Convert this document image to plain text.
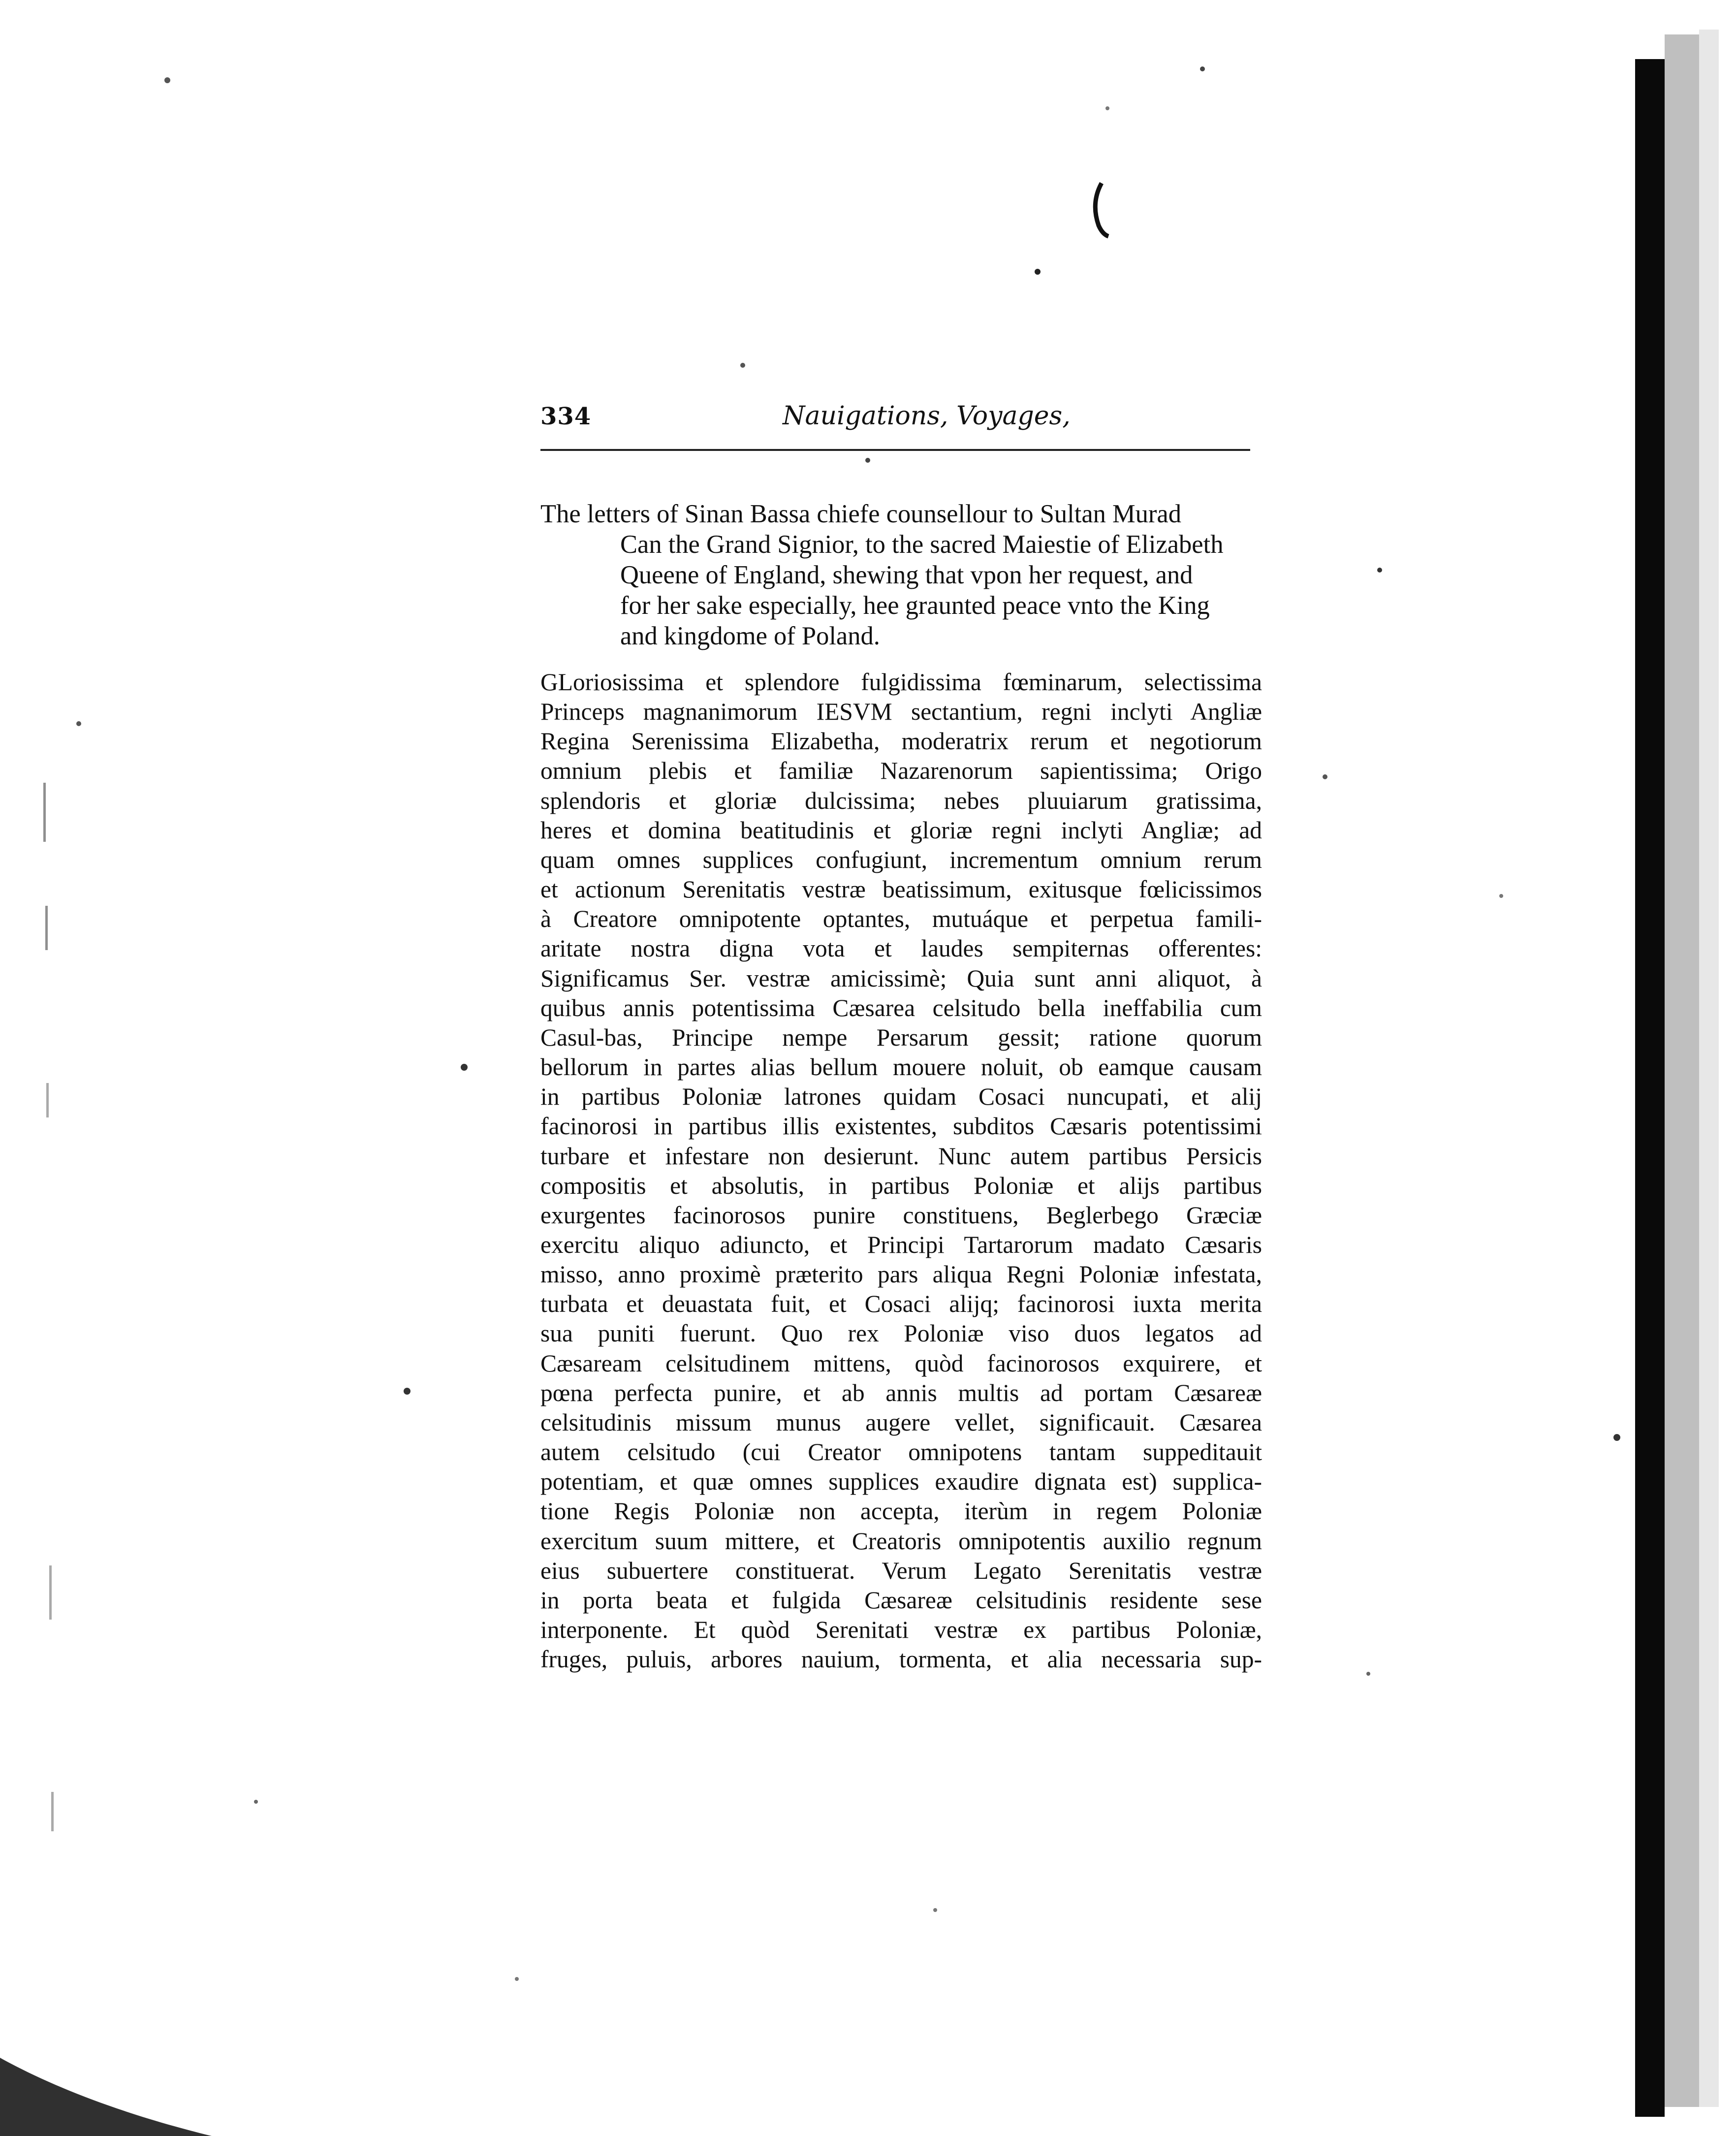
334	Nauigations, Voyages,
The letters of Sinan Bassa chiefe counsellour to Sultan Murad
Can the Grand Signior, to the sacred Maiestie of Elizabeth
Queene of England, shewing that vpon her request, and
for her sake especially, hee graunted peace vnto the King
and kingdome of Poland.
GLoriosissima et splendore fulgidissima fœminarum, selectissima
Princeps magnanimorum IESVM sectantium, regni inclyti Angliæ
Regina Serenissima Elizabetha, moderatrix rerum et negotiorum
omnium plebis et familiæ Nazarenorum sapientissima; Origo
splendoris et gloriæ dulcissima; nebes pluuiarum gratissima,
heres et domina beatitudinis et gloriæ regni inclyti Angliæ; ad
quam omnes supplices confugiunt, incrementum omnium rerum
et actionum Serenitatis vestræ beatissimum, exitusque fœlicissimos
à Creatore omnipotente optantes, mutuáque et perpetua famili-
aritate nostra digna vota et laudes sempiternas offerentes:
Significamus Ser. vestræ amicissimè; Quia sunt anni aliquot, à
quibus annis potentissima Cæsarea celsitudo bella ineffabilia cum
Casul-bas, Principe nempe Persarum gessit; ratione quorum
bellorum in partes alias bellum mouere noluit, ob eamque causam
in partibus Poloniæ latrones quidam Cosaci nuncupati, et alij
facinorosi in partibus illis existentes, subditos Cæsaris potentissimi
turbare et infestare non desierunt. Nunc autem partibus Persicis
compositis et absolutis, in partibus Poloniæ et alijs partibus
exurgentes facinorosos punire constituens, Beglerbego Græciæ
exercitu aliquo adiuncto, et Principi Tartarorum madato Cæsaris
misso, anno proximè præterito pars aliqua Regni Poloniæ infestata,
turbata et deuastata fuit, et Cosaci alijq; facinorosi iuxta merita
sua puniti fuerunt. Quo rex Poloniæ viso duos legatos ad
Cæsaream celsitudinem mittens, quòd facinorosos exquirere, et
pœna perfecta punire, et ab annis multis ad portam Cæsareæ
celsitudinis missum munus augere vellet, significauit. Cæsarea
autem celsitudo (cui Creator omnipotens tantam suppeditauit
potentiam, et quæ omnes supplices exaudire dignata est) supplica-
tione Regis Poloniæ non accepta, iterùm in regem Poloniæ
exercitum suum mittere, et Creatoris omnipotentis auxilio regnum
eius subuertere constituerat. Verum Legato Serenitatis vestræ
in porta beata et fulgida Cæsareæ celsitudinis residente sese
interponente. Et quòd Serenitati vestræ ex partibus Poloniæ,
fruges, puluis, arbores nauium, tormenta, et alia necessaria sup-
